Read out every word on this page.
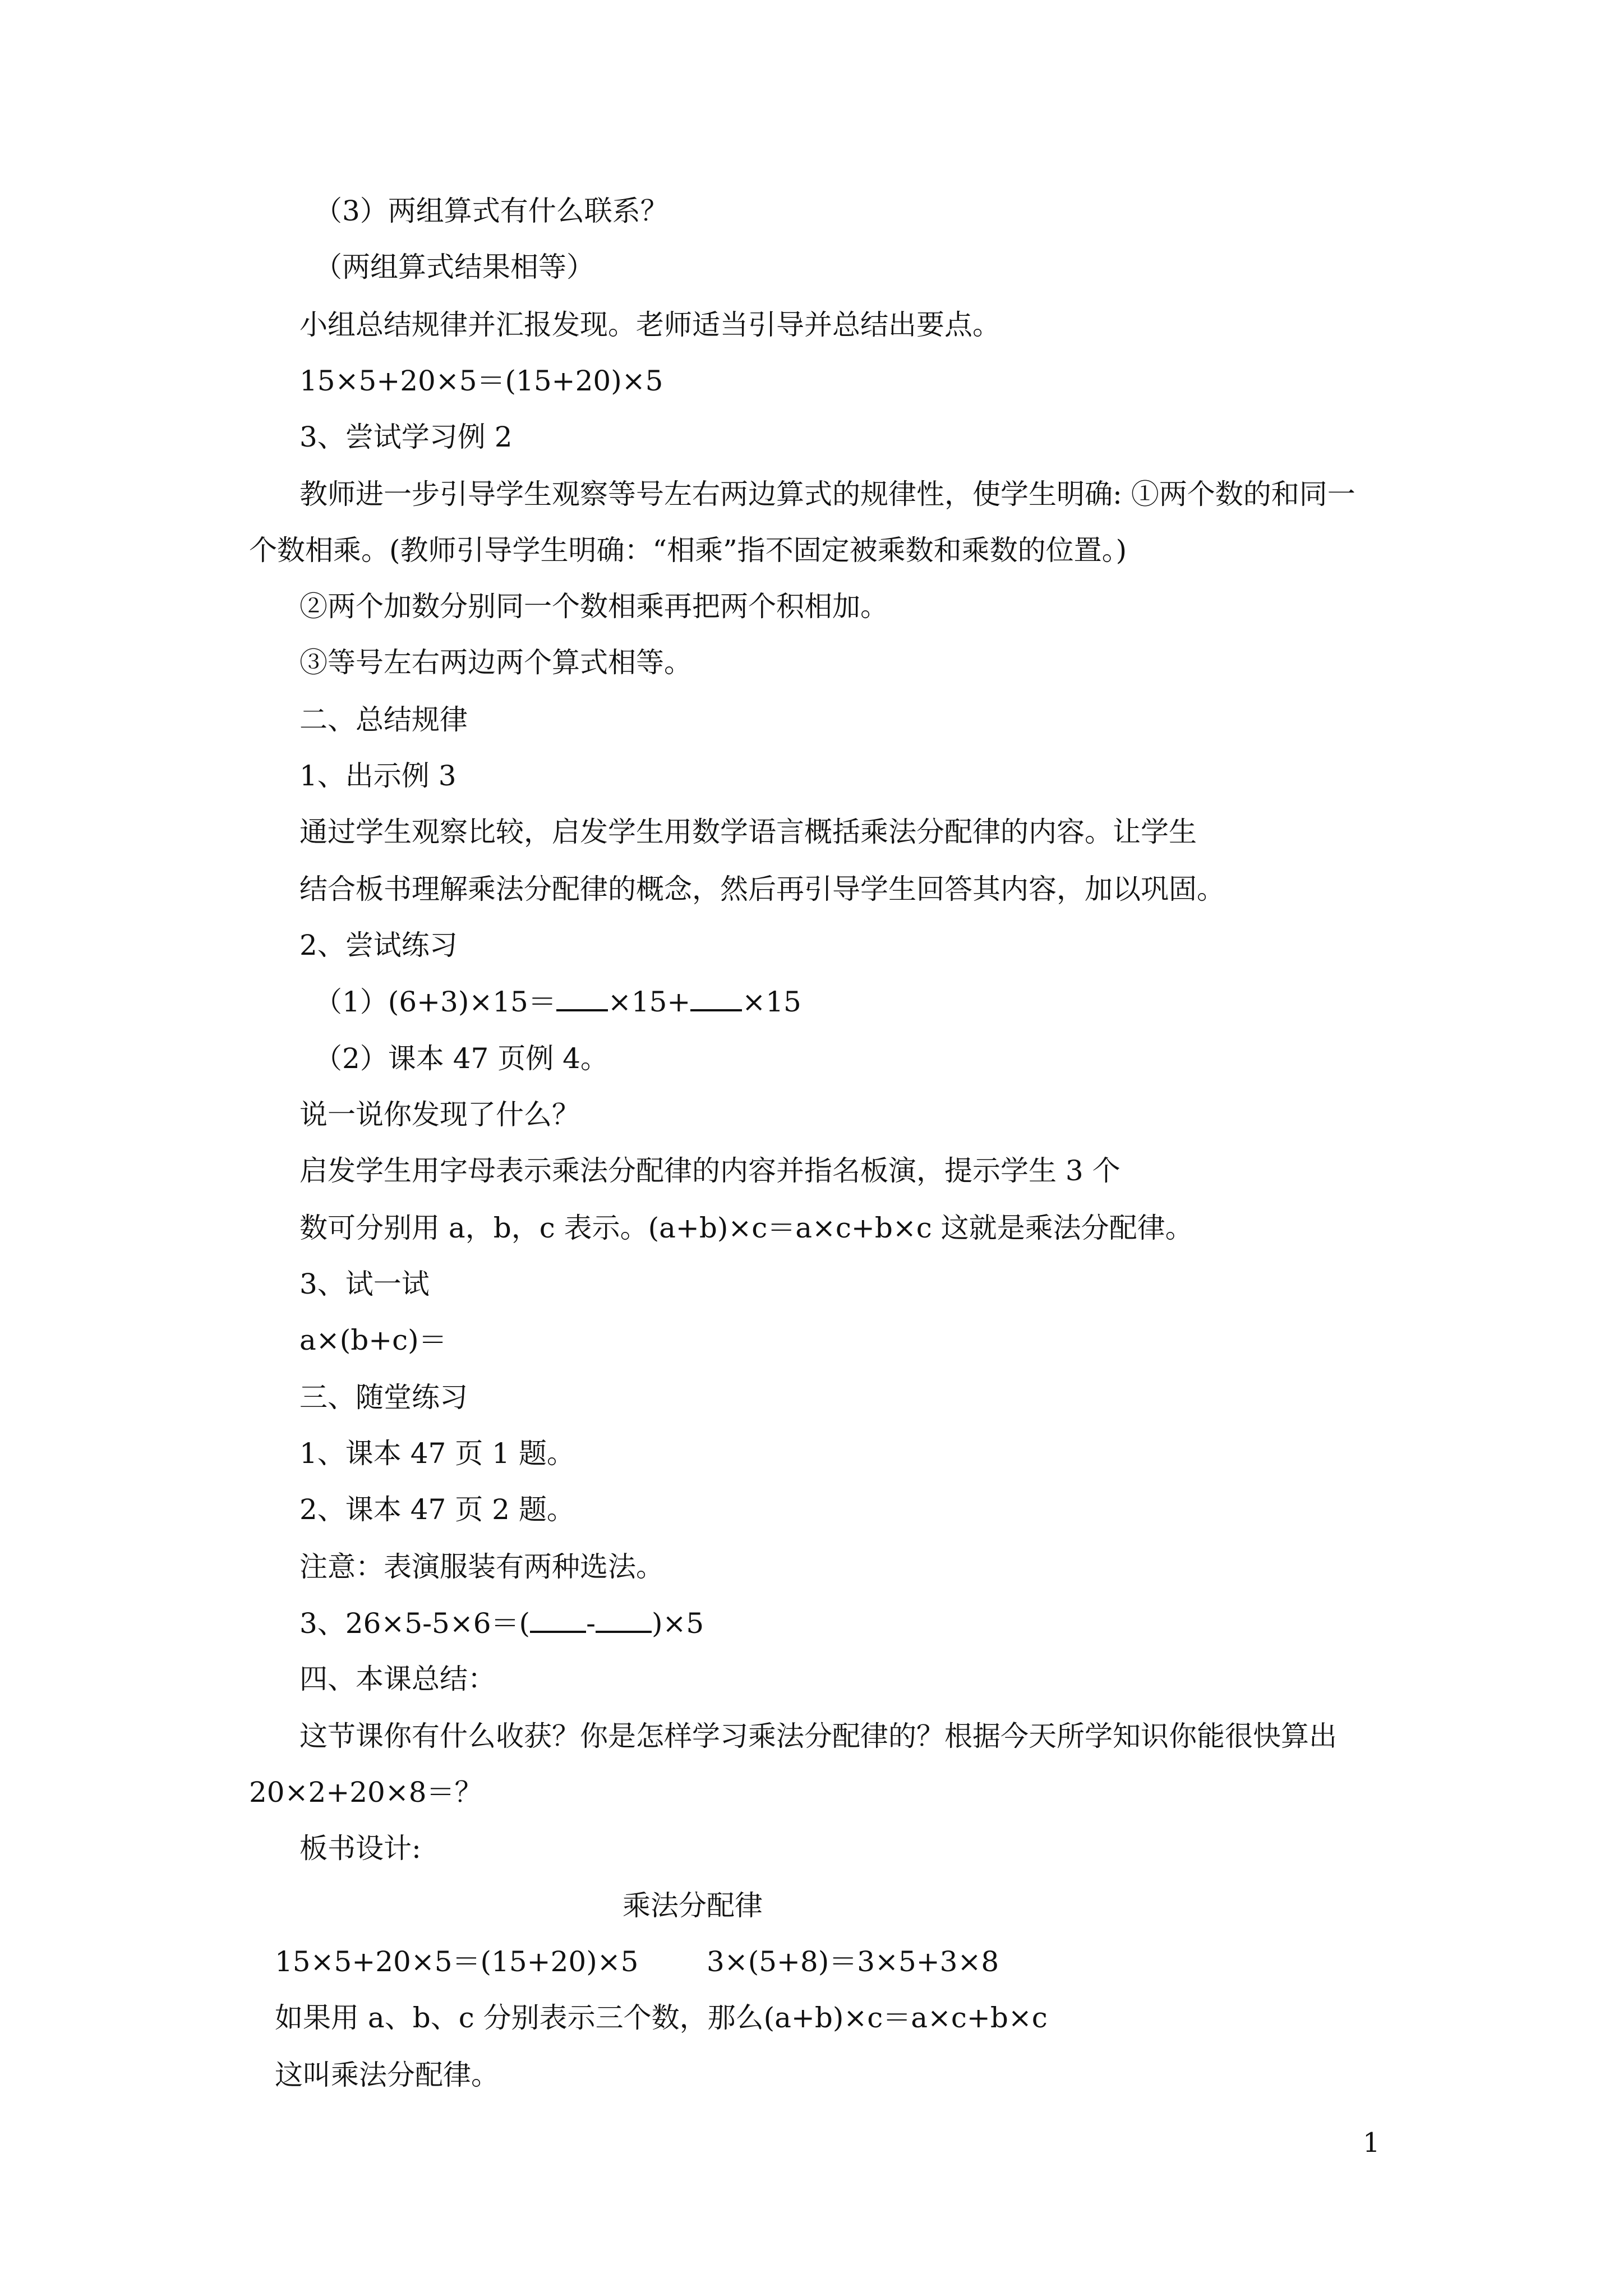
（3）两组算式有什么联系？
（两组算式结果相等）
小组总结规律并汇报发现。老师适当引导并总结出要点。
15×5+20×5＝(15+20)×5
3、尝试学习例 2
教师进一步引导学生观察等号左右两边算式的规律性，使学生明确: ①两个数的和同一
个数相乘。(教师引导学生明确：“相乘”指不固定被乘数和乘数的位置。)
②两个加数分别同一个数相乘再把两个积相加。
③等号左右两边两个算式相等。
二、总结规律
1、出示例 3
通过学生观察比较，启发学生用数学语言概括乘法分配律的内容。让学生
结合板书理解乘法分配律的概念，然后再引导学生回答其内容，加以巩固。
2、尝试练习
（1）(6+3)×15＝ ×15+ ×15
（2）课本 47 页例 4。
说一说你发现了什么？
启发学生用字母表示乘法分配律的内容并指名板演，提示学生 3 个
数可分别用 a，b，c 表示。(a+b)×c＝a×c+b×c 这就是乘法分配律。
3、试一试
a×(b+c)＝
三、随堂练习
1、课本 47 页 1 题。
2、课本 47 页 2 题。
注意：表演服装有两种选法。
3、26×5-5×6＝( - )×5
四、本课总结：
这节课你有什么收获？你是怎样学习乘法分配律的？根据今天所学知识你能很快算出
20×2+20×8＝？
板书设计:
乘法分配律
15×5+20×5＝(15+20)×5 3×(5+8)＝3×5+3×8
如果用 a、b、c 分别表示三个数，那么(a+b)×c＝a×c+b×c
这叫乘法分配律。
1
